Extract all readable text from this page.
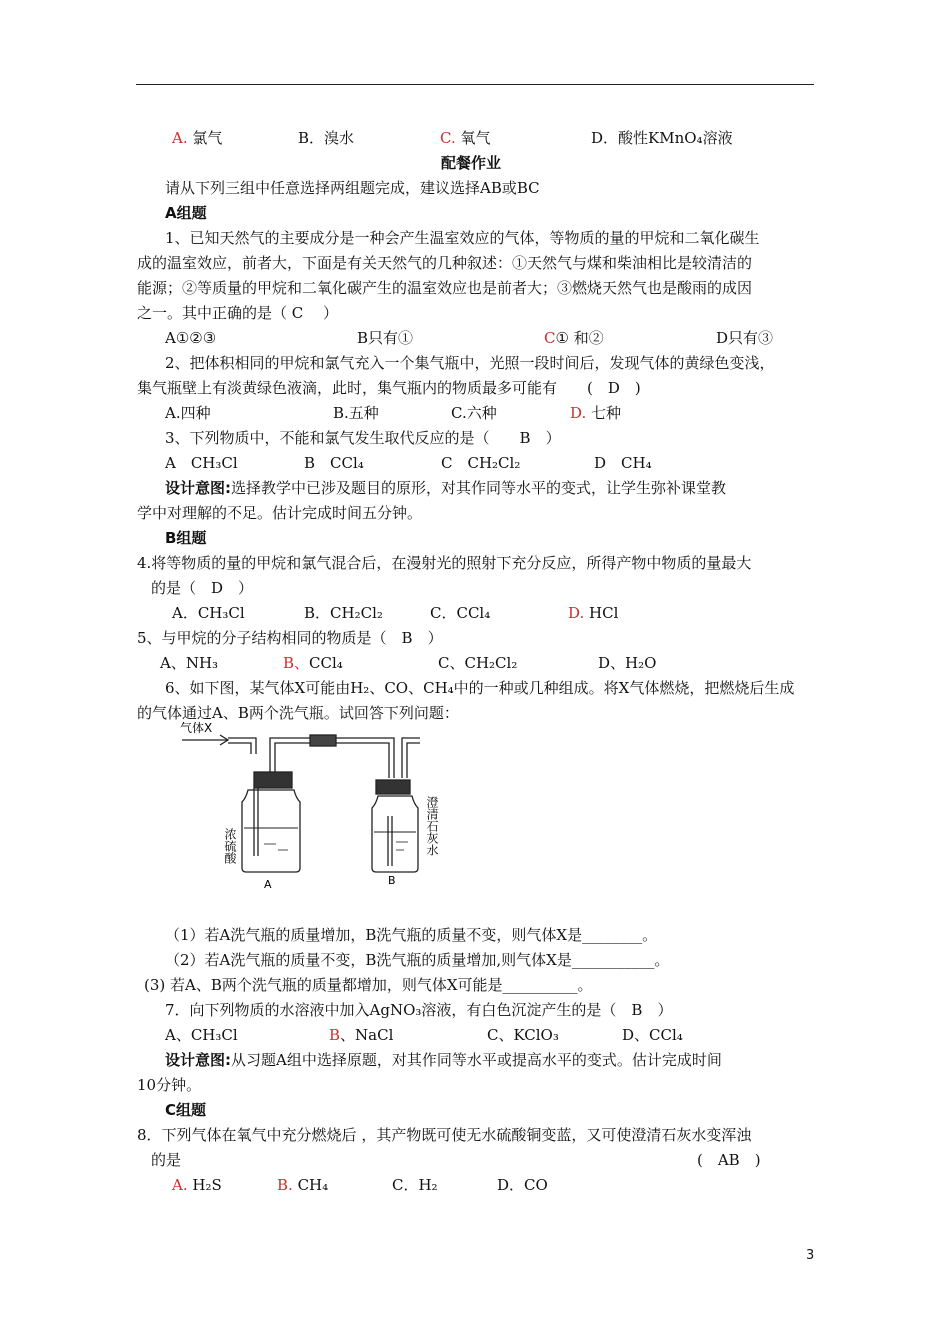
A. 氯气	B．溴水	C. 氧气	D．酸性KMnO₄溶液
配餐作业
请从下列三组中任意选择两组题完成，建议选择AB或BC
A组题
1、已知天然气的主要成分是一种会产生温室效应的气体，等物质的量的甲烷和二氧化碳生
成的温室效应，前者大，下面是有关天然气的几种叙述：①天然气与煤和柴油相比是较清洁的
能源；②等质量的甲烷和二氧化碳产生的温室效应也是前者大；③燃烧天然气也是酸雨的成因
之一。其中正确的是（ C　 ）
A①②③	B只有①	C① 和②	D只有③
2、把体积相同的甲烷和氯气充入一个集气瓶中，光照一段时间后，发现气体的黄绿色变浅，
集气瓶壁上有淡黄绿色液滴，此时，集气瓶内的物质最多可能有　　(　D　)
A.四种	B.五种	C.六种	D. 七种
3、下列物质中，不能和氯气发生取代反应的是（　　B　）
A　CH₃Cl	B　CCl₄	C　CH₂Cl₂	D　CH₄
设计意图:选择教学中已涉及题目的原形，对其作同等水平的变式，让学生弥补课堂教
学中对理解的不足。估计完成时间五分钟。
B组题
4.将等物质的量的甲烷和氯气混合后，在漫射光的照射下充分反应，所得产物中物质的量最大
的是（　D　）
A．CH₃Cl	B．CH₂Cl₂	C．CCl₄	D. HCl
5、与甲烷的分子结构相同的物质是（　B　）
A、NH₃	B、CCl₄	C、CH₂Cl₂	D、H₂O
6、如下图，某气体X可能由H₂、CO、CH₄中的一种或几种组成。将X气体燃烧，把燃烧后生成
的气体通过A、B两个洗气瓶。试回答下列问题：
气体X
浓硫酸	澄清石灰水
A	B
（1）若A洗气瓶的质量增加，B洗气瓶的质量不变，则气体X是________。
（2）若A洗气瓶的质量不变，B洗气瓶的质量增加,则气体X是___________。
(3) 若A、B两个洗气瓶的质量都增加，则气体X可能是__________。
7．向下列物质的水溶液中加入AgNO₃溶液，有白色沉淀产生的是（　B　）
A、CH₃Cl	B、NaCl	C、KClO₃	D、CCl₄
设计意图:从习题A组中选择原题，对其作同等水平或提高水平的变式。估计完成时间
10分钟。
C组题
8．下列气体在氧气中充分燃烧后 ，其产物既可使无水硫酸铜变蓝，又可使澄清石灰水变浑浊
的是	(　AB　)
A. H₂S	B. CH₄	C．H₂	D．CO
3
